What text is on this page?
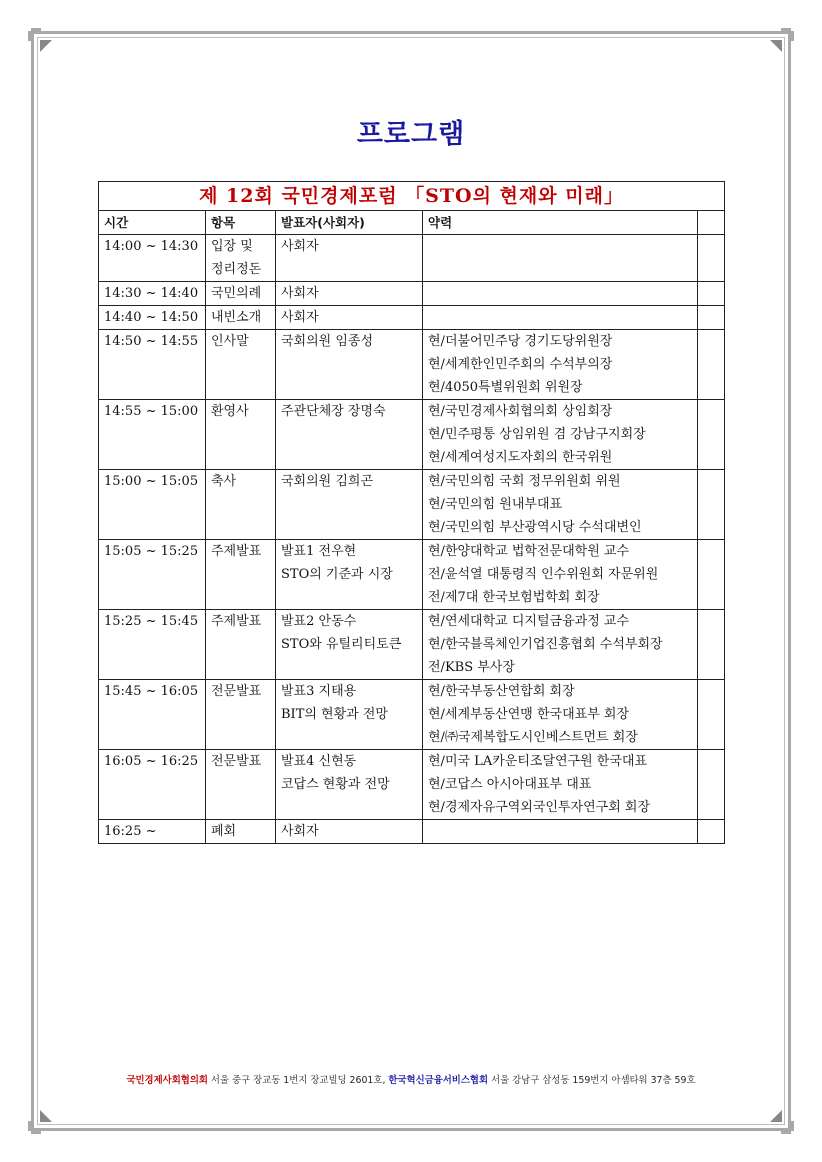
프로그램
제 12회 국민경제포럼 「STO의 현재와 미래」				
시간	항목	발표자(사회자)	약력	
14:00 ~ 14:30	입장 및
정리정돈	사회자		

14:30 ~ 14:40	국민의례	사회자		

14:40 ~ 14:50	내빈소개	사회자		

14:50 ~ 14:55	인사말	국회의원 임종성	현/더불어민주당 경기도당위원장
현/세계한인민주회의 수석부의장
현/4050특별위원회 위원장	

14:55 ~ 15:00	환영사	주관단체장 장명숙	현/국민경제사회협의회 상임회장
현/민주평통 상임위원 겸 강남구지회장
현/세계여성지도자회의 한국위원	

15:00 ~ 15:05	축사	국회의원 김희곤	현/국민의힘 국회 정무위원회 위원
현/국민의힘 원내부대표
현/국민의힘 부산광역시당 수석대변인	

15:05 ~ 15:25	주제발표	발표1 전우현
STO의 기준과 시장	현/한양대학교 법학전문대학원 교수
전/윤석열 대통령직 인수위원회 자문위원
전/제7대 한국보험법학회 회장	

15:25 ~ 15:45	주제발표	발표2 안동수
STO와 유틸리티토큰	현/연세대학교 디지털금융과정 교수
현/한국블록체인기업진흥협회 수석부회장
전/KBS 부사장	

15:45 ~ 16:05	전문발표	발표3 지태용
BIT의 현황과 전망	현/한국부동산연합회 회장
현/세계부동산연맹 한국대표부 회장
현/㈜국제복합도시인베스트먼트 회장	

16:05 ~ 16:25	전문발표	발표4 신현동
코답스 현황과 전망	현/미국 LA카운티조달연구원 한국대표
현/코답스 아시아대표부 대표
현/경제자유구역외국인투자연구회 회장	

16:25 ~	폐회	사회자		

국민경제사회협의회 서울 중구 장교동 1번지 장교빌딩 2601호, 한국혁신금융서비스협회 서울 강남구 삼성동 159번지 아셈타워 37층 59호
